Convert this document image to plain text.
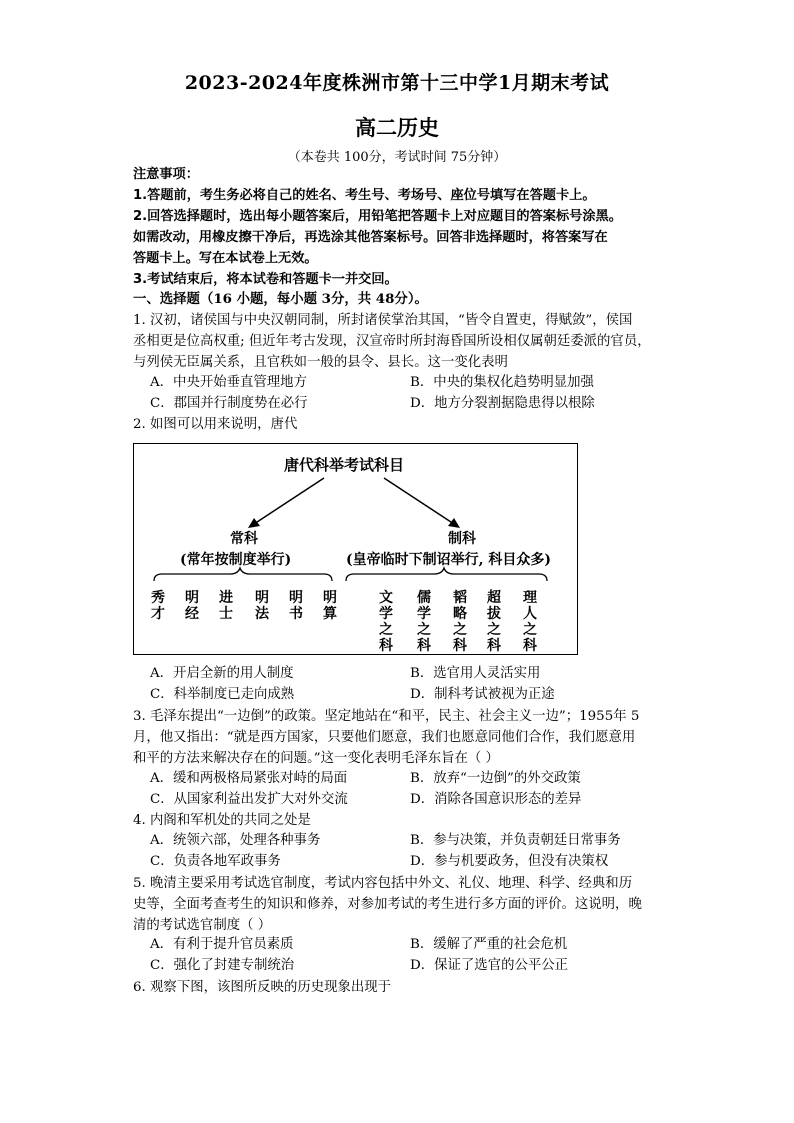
2023-2024年度株洲市第十三中学1月期末考试
高二历史
（本卷共 100分，考试时间 75分钟）
注意事项：
1.答题前，考生务必将自己的姓名、考生号、考场号、座位号填写在答题卡上。
2.回答选择题时，选出每小题答案后，用铅笔把答题卡上对应题目的答案标号涂黑。
如需改动，用橡皮擦干净后，再选涂其他答案标号。回答非选择题时，将答案写在
答题卡上。写在本试卷上无效。
3.考试结束后，将本试卷和答题卡一并交回。
一、选择题（16 小题，每小题 3分，共 48分）。
1. 汉初，诸侯国与中央汉朝同制，所封诸侯掌治其国，“皆令自置吏，得赋敛”，侯国
丞相更是位高权重; 但近年考古发现，汉宣帝时所封海昏国所设相仅属朝廷委派的官员，
与列侯无臣属关系，且官秩如一般的县令、县长。这一变化表明
A．中央开始垂直管理地方	B．中央的集权化趋势明显加强
C．郡国并行制度势在必行	D．地方分裂割据隐患得以根除
2. 如图可以用来说明，唐代
唐代科举考试科目
常科
(常年按制度举行)
制科
(皇帝临时下制诏举行, 科目众多)
秀
才
明
经
进
士
明
法
明
书
明
算
文
学
之
科
儒
学
之
科
韬
略
之
科
超
拔
之
科
理
人
之
科
A．开启全新的用人制度	B．选官用人灵活实用
C．科举制度已走向成熟	D．制科考试被视为正途
3. 毛泽东提出“一边倒”的政策。坚定地站在“和平，民主、社会主义一边”；1955年 5
月，他又指出：“就是西方国家，只要他们愿意，我们也愿意同他们合作，我们愿意用
和平的方法来解决存在的问题。”这一变化表明毛泽东旨在（ ）
A．缓和两极格局紧张对峙的局面	B．放弃“一边倒”的外交政策
C．从国家利益出发扩大对外交流	D．消除各国意识形态的差异
4. 内阁和军机处的共同之处是
A．统领六部，处理各种事务	B．参与决策，并负责朝廷日常事务
C．负责各地军政事务	D．参与机要政务，但没有决策权
5. 晚清主要采用考试选官制度，考试内容包括中外文、礼仪、地理、科学、经典和历
史等，全面考查考生的知识和修养，对参加考试的考生进行多方面的评价。这说明，晚
清的考试选官制度（ ）
A．有利于提升官员素质	B．缓解了严重的社会危机
C．强化了封建专制统治	D．保证了选官的公平公正
6. 观察下图，该图所反映的历史现象出现于
